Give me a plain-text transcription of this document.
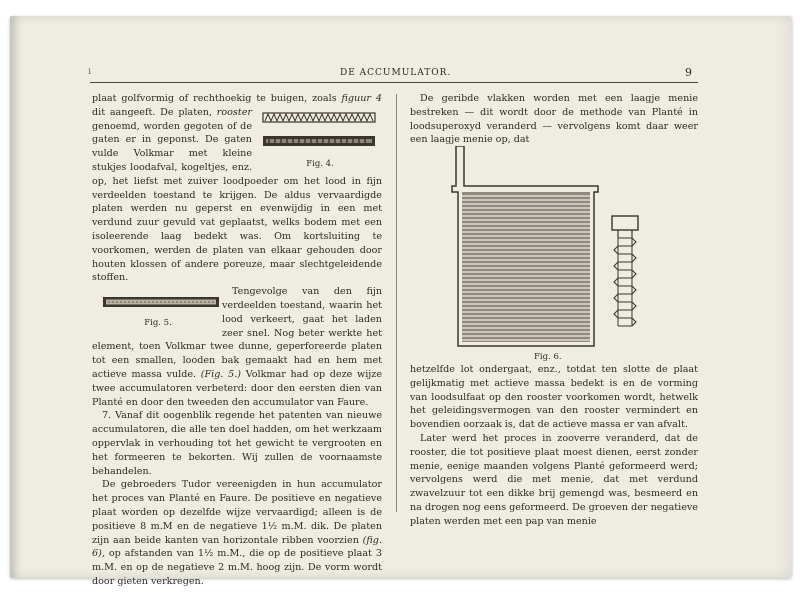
ı	DE ACCUMULATOR.	9

plaat golfvormig of rechthoekig te buigen, zoals figuur 4
Fig. 4.
dit aangeeft. De platen, rooster genoemd, worden gegoten of de gaten er in geponst. De gaten vulde Volkmar met kleine stukjes loodafval, kogeltjes, enz. op, het liefst met zuiver loodpoeder om het lood in fijn verdeelden toestand te krijgen. De aldus vervaardigde platen werden nu geperst en evenwijdig in een met verdund zuur gevuld vat geplaatst, welks bodem met een isoleerende laag bedekt was. Om kortsluiting te voorkomen, werden de platen van elkaar gehouden door houten klossen of andere poreuze, maar slechtgeleidende stoffen.

Fig. 5.
Tengevolge van den fijn verdeelden toestand, waarin het lood verkeert, gaat het laden zeer snel. Nog beter werkte het element, toen Volkmar twee dunne, geperforeerde platen tot een smallen, looden bak gemaakt had en hem met actieve massa vulde. (Fig. 5.) Volkmar had op deze wijze twee accumulatoren verbeterd: door den eersten dien van Planté en door den tweeden den accumulator van Faure.

7. Vanaf dit oogenblik regende het patenten van nieuwe accumulatoren, die alle ten doel hadden, om het werkzaam oppervlak in verhouding tot het gewicht te vergrooten en het formeeren te bekorten. Wij zullen de voornaamste behandelen.

De gebroeders Tudor vereenigden in hun accumulator het proces van Planté en Faure. De positieve en negatieve plaat worden op dezelfde wijze vervaardigd; alleen is de positieve 8 m.M en de negatieve 1½ m.M. dik. De platen zijn aan beide kanten van horizontale ribben voorzien (fig. 6), op afstanden van 1½ m.M., die op de positieve plaat 3 m.M. en op de negatieve 2 m.M. hoog zijn. De vorm wordt door gieten verkregen.

De geribde vlakken worden met een laagje menie bestreken — dit wordt door de methode van Planté in loodsuperoxyd veranderd — vervolgens komt daar weer een laagje menie op, dat

Fig. 6.

hetzelfde lot ondergaat, enz., totdat ten slotte de plaat gelijkmatig met actieve massa bedekt is en de vorming van loodsulfaat op den rooster voorkomen wordt, hetwelk het geleidingsvermogen van den rooster vermindert en bovendien oorzaak is, dat de actieve massa er van afvalt.

Later werd het proces in zooverre veranderd, dat de rooster, die tot positieve plaat moest dienen, eerst zonder menie, eenige maanden volgens Planté geformeerd werd; vervolgens werd die met menie, dat met verdund zwavelzuur tot een dikke brij gemengd was, besmeerd en na drogen nog eens geformeerd. De groeven der negatieve platen werden met een pap van menie
